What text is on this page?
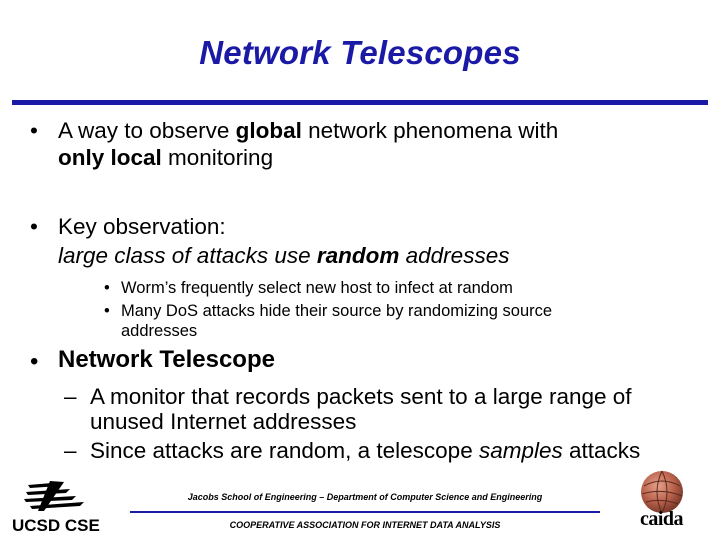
Network Telescopes
• A way to observe global network phenomena with
only local monitoring
• Key observation:
large class of attacks use random addresses
• Worm’s frequently select new host to infect at random
• Many DoS attacks hide their source by randomizing source
addresses
• Network Telescope
– A monitor that records packets sent to a large range of
unused Internet addresses
– Since attacks are random, a telescope samples attacks
Jacobs School of Engineering – Department of Computer Science and Engineering
COOPERATIVE ASSOCIATION FOR INTERNET DATA ANALYSIS
UCSD CSE	caida
